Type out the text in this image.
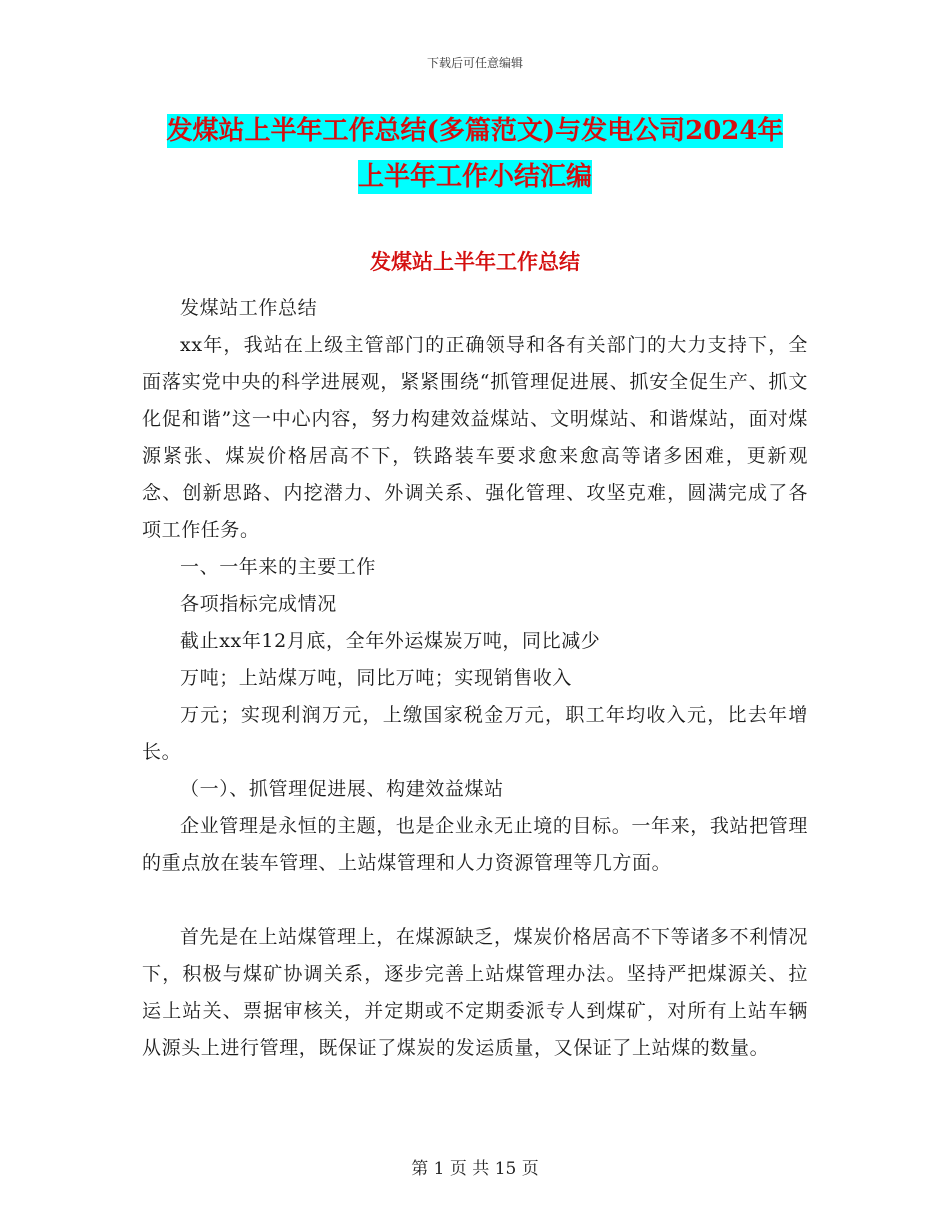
下载后可任意编辑
发煤站上半年工作总结(多篇范文)与发电公司2024年
上半年工作小结汇编
发煤站上半年工作总结

发煤站工作总结

xx年，我站在上级主管部门的正确领导和各有关部门的大力支持下，全面落实党中央的科学进展观，紧紧围绕“抓管理促进展、抓安全促生产、抓文化促和谐”这一中心内容，努力构建效益煤站、文明煤站、和谐煤站，面对煤源紧张、煤炭价格居高不下，铁路装车要求愈来愈高等诸多困难，更新观念、创新思路、内挖潜力、外调关系、强化管理、攻坚克难，圆满完成了各项工作任务。

一、一年来的主要工作

各项指标完成情况

截止xx年12月底，全年外运煤炭万吨，同比减少

万吨；上站煤万吨，同比万吨；实现销售收入

万元；实现利润万元，上缴国家税金万元，职工年均收入元，比去年增长。

（一）、抓管理促进展、构建效益煤站

企业管理是永恒的主题，也是企业永无止境的目标。一年来，我站把管理的重点放在装车管理、上站煤管理和人力资源管理等几方面。

首先是在上站煤管理上，在煤源缺乏，煤炭价格居高不下等诸多不利情况下，积极与煤矿协调关系，逐步完善上站煤管理办法。坚持严把煤源关、拉运上站关、票据审核关，并定期或不定期委派专人到煤矿，对所有上站车辆从源头上进行管理，既保证了煤炭的发运质量，又保证了上站煤的数量。

第 1 页 共 15 页
